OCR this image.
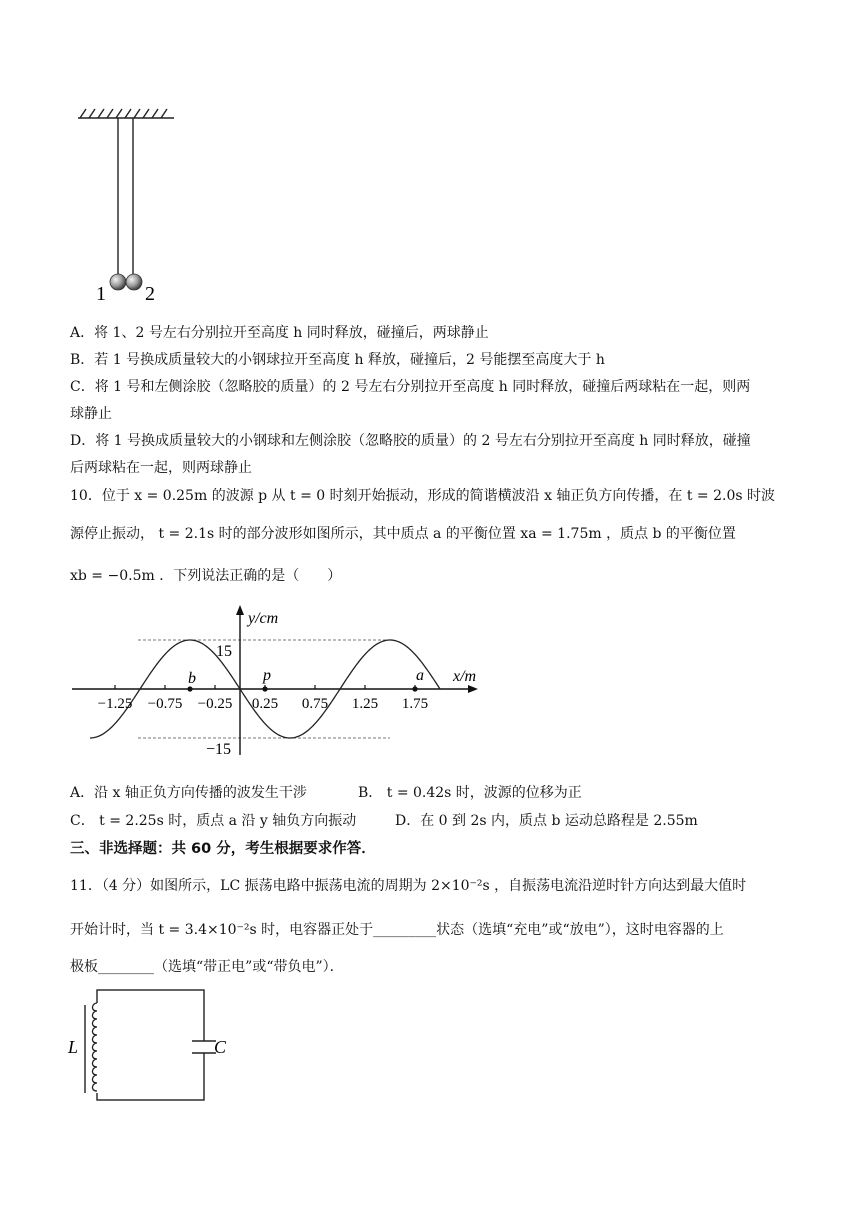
1 2
A．将 1、2 号左右分别拉开至高度 h 同时释放，碰撞后，两球静止
B．若 1 号换成质量较大的小钢球拉开至高度 h 释放，碰撞后，2 号能摆至高度大于 h
C．将 1 号和左侧涂胶（忽略胶的质量）的 2 号左右分别拉开至高度 h 同时释放，碰撞后两球粘在一起，则两
球静止
D．将 1 号换成质量较大的小钢球和左侧涂胶（忽略胶的质量）的 2 号左右分别拉开至高度 h 同时释放，碰撞
后两球粘在一起，则两球静止
10．位于 x = 0.25m 的波源 p 从 t = 0 时刻开始振动，形成的简谐横波沿 x 轴正负方向传播，在 t = 2.0s 时波
源停止振动， t = 2.1s 时的部分波形如图所示，其中质点 a 的平衡位置 xa = 1.75m ，质点 b 的平衡位置
xb = −0.5m ．下列说法正确的是（　　）
−1.25 −0.75 −0.25 0.25 0.75 1.25 1.75
y/cm
x/m
15
−15
b	p	a
A．沿 x 轴正负方向传播的波发生干涉	B． t = 0.42s 时，波源的位移为正
C． t = 2.25s 时，质点 a 沿 y 轴负方向振动	D．在 0 到 2s 内，质点 b 运动总路程是 2.55m
三、非选择题：共 60 分，考生根据要求作答．
11．（4 分）如图所示，LC 振荡电路中振荡电流的周期为 2×10⁻²s ，自振荡电流沿逆时针方向达到最大值时
开始计时，当 t = 3.4×10⁻²s 时，电容器正处于_________状态（选填“充电”或“放电”），这时电容器的上
极板________（选填“带正电”或“带负电”）．
L	C
